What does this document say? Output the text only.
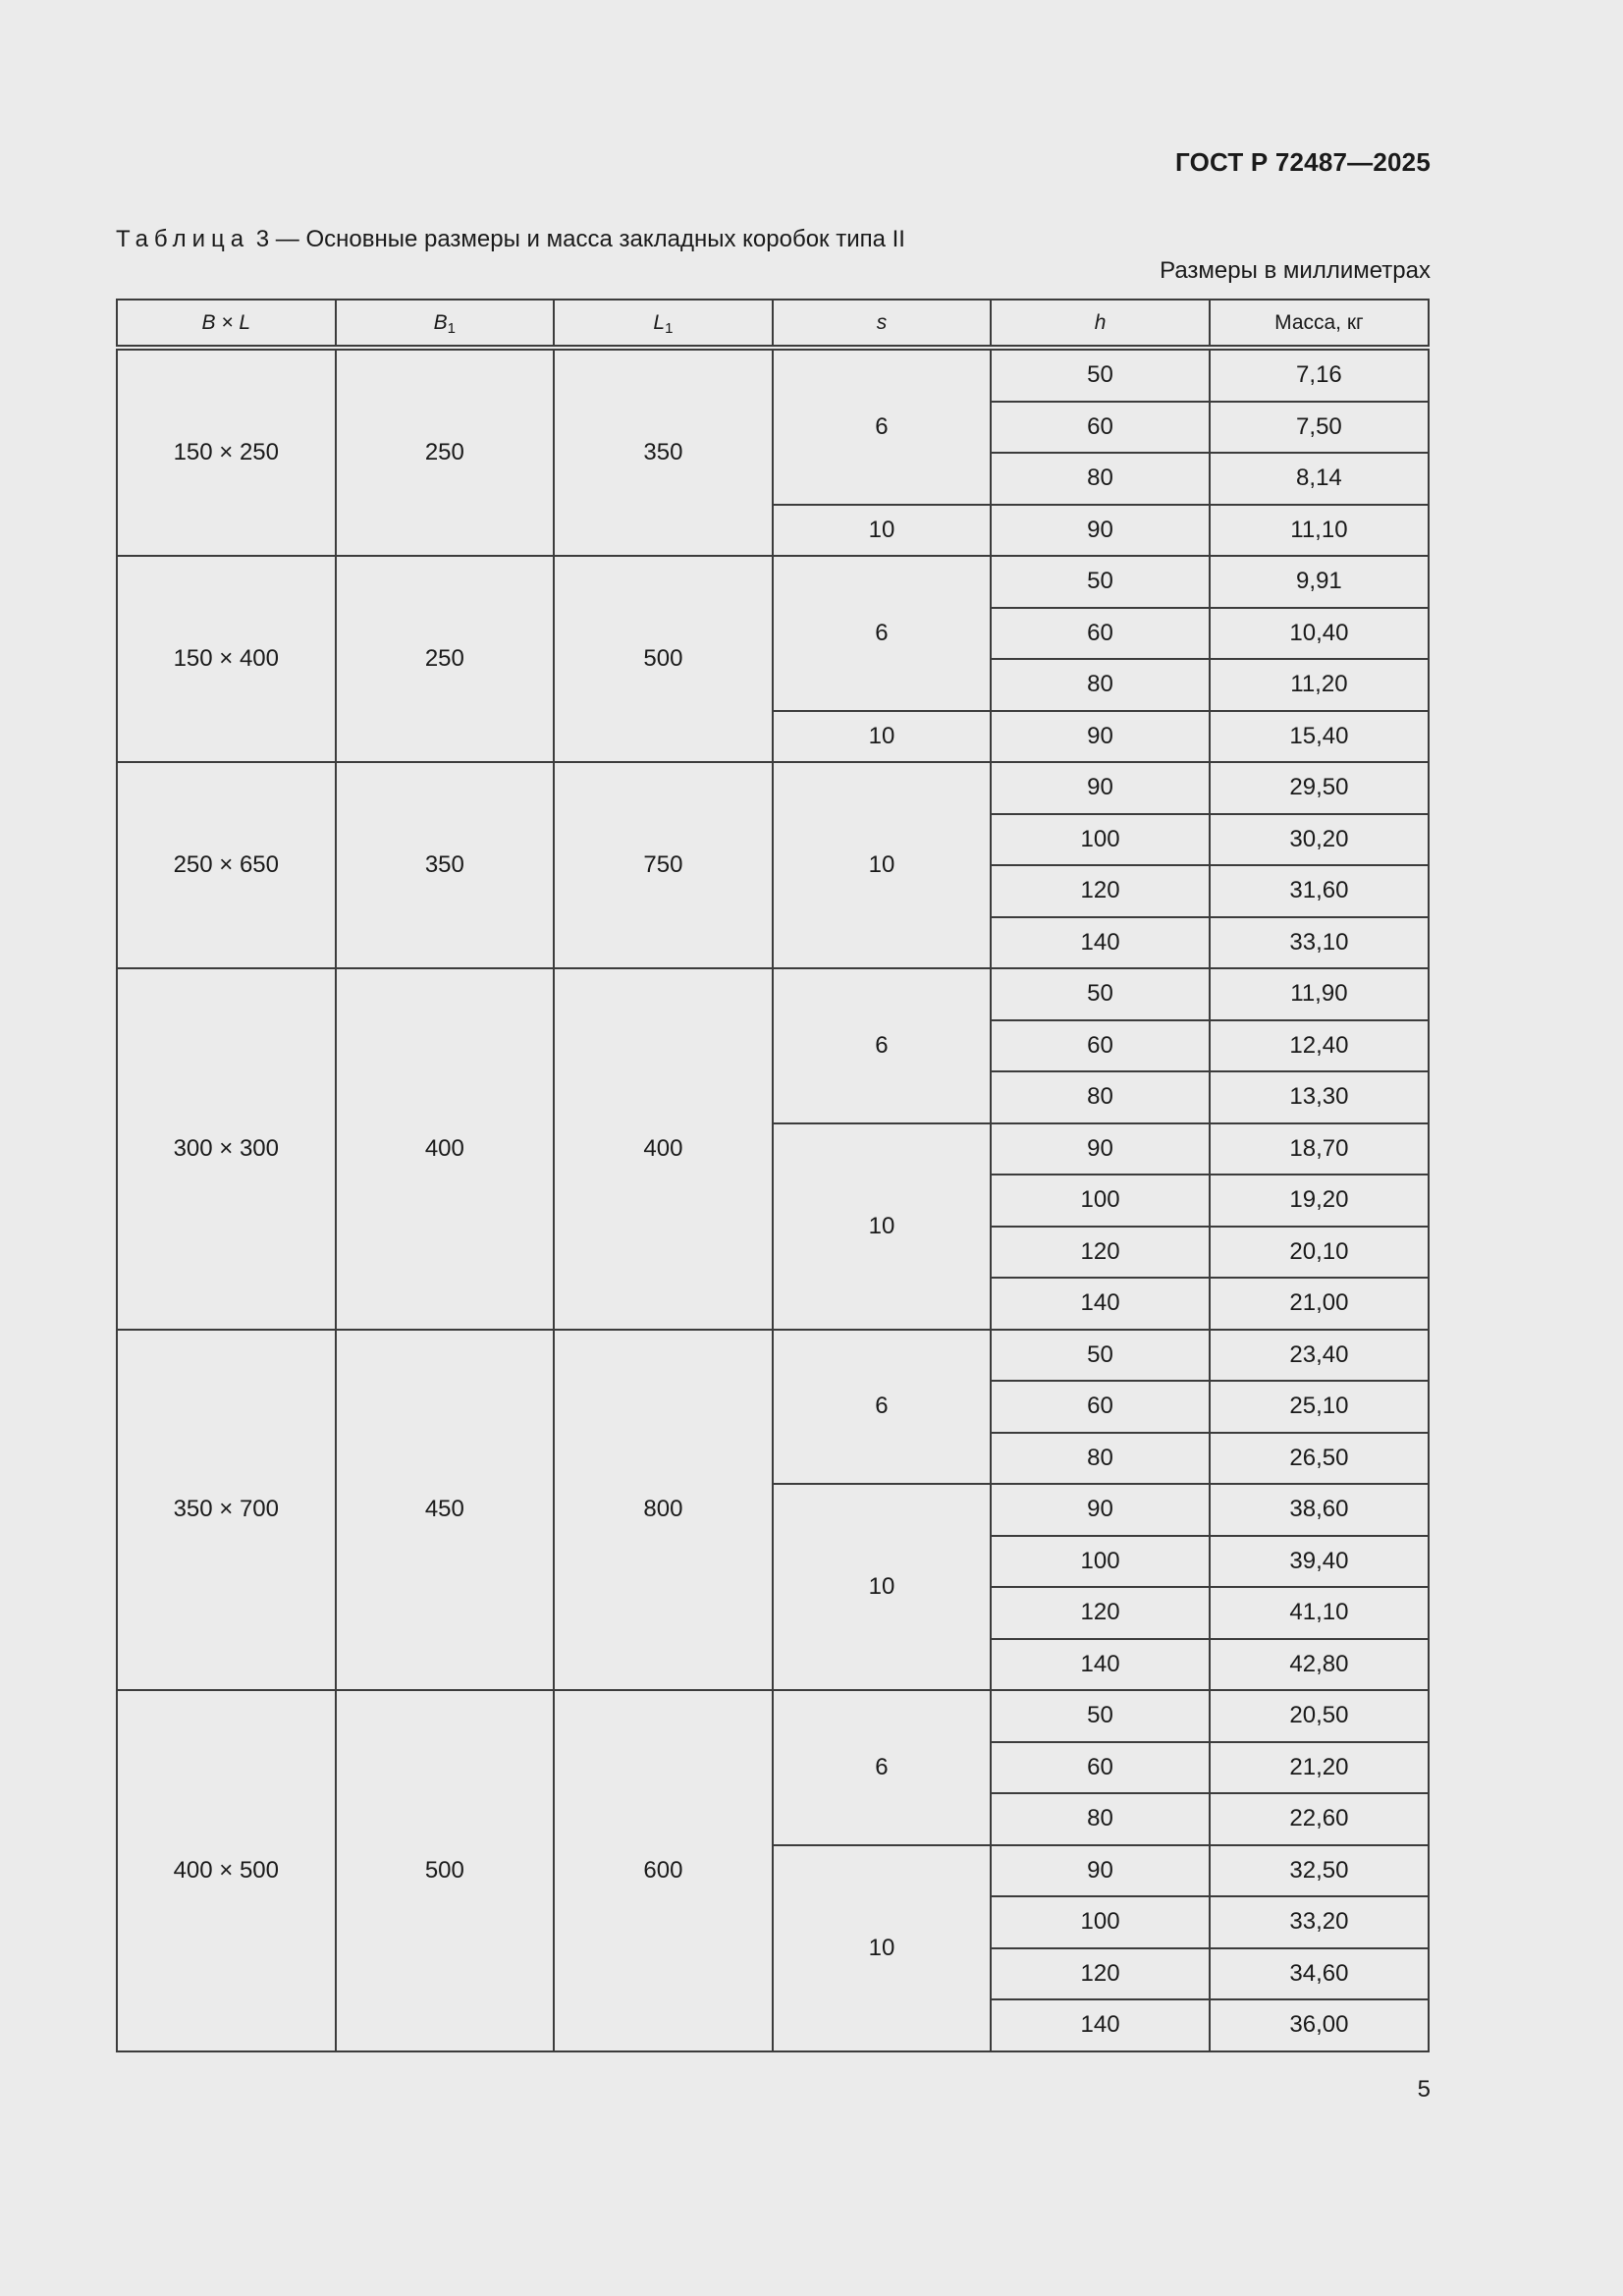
ГОСТ Р 72487—2025
Таблица 3 — Основные размеры и масса закладных коробок типа II
Размеры в миллиметрах
B × L	$B_1$	$L_1$	s	h	Масса, кг
150 × 250	250	350	6	50	7,16
				60	7,50
				80	8,14
			10	90	11,10
150 × 400	250	500	6	50	9,91
				60	10,40
				80	11,20
			10	90	15,40
250 × 650	350	750	10	90	29,50
				100	30,20
				120	31,60
				140	33,10
300 × 300	400	400	6	50	11,90
				60	12,40
				80	13,30
			10	90	18,70
				100	19,20
				120	20,10
				140	21,00
350 × 700	450	800	6	50	23,40
				60	25,10
				80	26,50
			10	90	38,60
				100	39,40
				120	41,10
				140	42,80
400 × 500	500	600	6	50	20,50
				60	21,20
				80	22,60
			10	90	32,50
				100	33,20
				120	34,60
				140	36,00
5
